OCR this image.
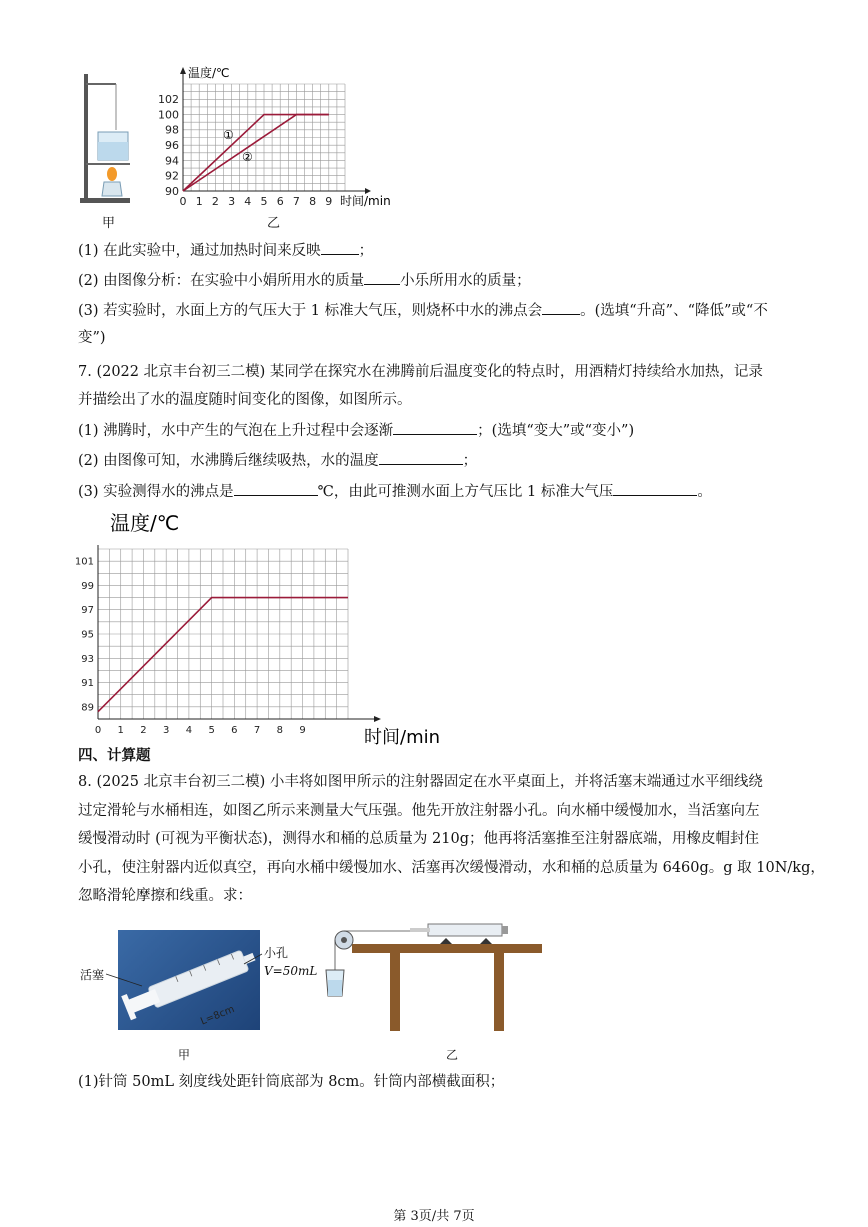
甲
0 1 2 3 4 5 6 7 8 9
90
92
94
96
98
100
102
温度/℃
时间/min
①
②
乙
(1) 在此实验中，通过加热时间来反映	；
(2) 由图像分析：在实验中小娟所用水的质量 小乐所用水的质量；
(3) 若实验时，水面上方的气压大于 1 标准大气压，则烧杯中水的沸点会	。(选填“升高”、“降低”或“不
变”)
7. (2022 北京丰台初三二模) 某同学在探究水在沸腾前后温度变化的特点时，用酒精灯持续给水加热，记录
并描绘出了水的温度随时间变化的图像，如图所示。
(1) 沸腾时，水中产生的气泡在上升过程中会逐渐	；(选填“变大”或“变小”)
(2) 由图像可知，水沸腾后继续吸热，水的温度	；
(3) 实验测得水的沸点是	℃，由此可推测水面上方气压比 1 标准大气压	。
0 1 2 3 4 5 6 7 8 9
89
91
93
95
97
99
101
温度/℃
时间/min
四、计算题
8. (2025 北京丰台初三二模) 小丰将如图甲所示的注射器固定在水平桌面上，并将活塞末端通过水平细线绕
过定滑轮与水桶相连，如图乙所示来测量大气压强。他先开放注射器小孔。向水桶中缓慢加水，当活塞向左
缓慢滑动时 (可视为平衡状态)，测得水和桶的总质量为 210g；他再将活塞推至注射器底端，用橡皮帽封住
小孔，使注射器内近似真空，再向水桶中缓慢加水、活塞再次缓慢滑动，水和桶的总质量为 6460g。g 取 10N/kg，
忽略滑轮摩擦和线重。求：
L=8cm
活塞
小孔
V=50mL
甲	乙
(1)针筒 50mL 刻度线处距针筒底部为 8cm。针筒内部横截面积；
第 3页/共 7页
